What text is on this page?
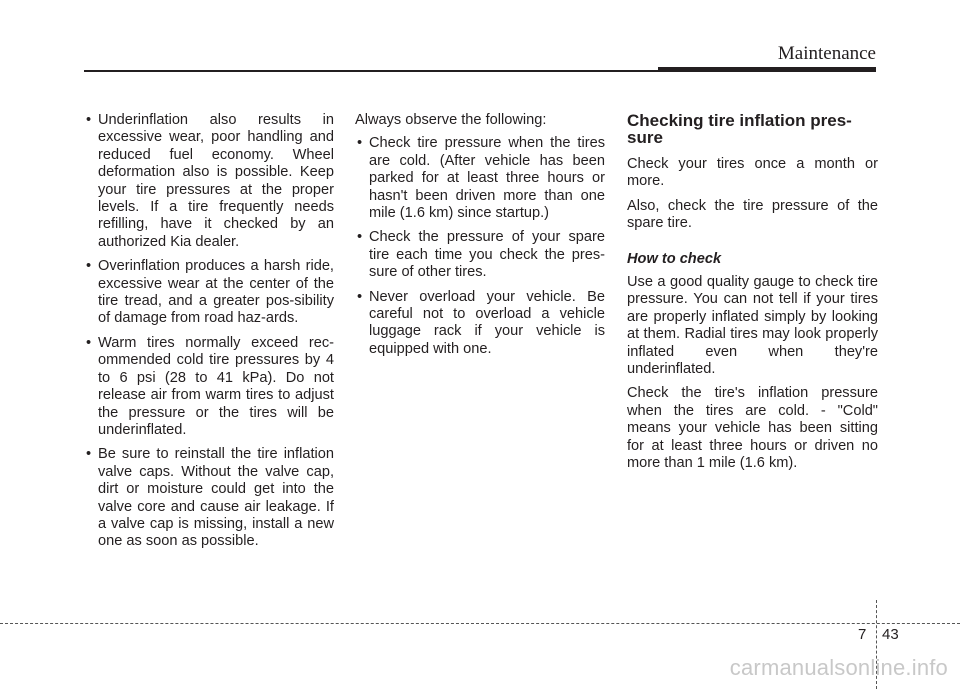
Maintenance
• Underinflation also results in excessive wear, poor handling and reduced fuel economy. Wheel deformation also is possible. Keep your tire pressures at the proper levels. If a tire frequently needs refilling, have it checked by an authorized Kia dealer.
• Overinflation produces a harsh ride, excessive wear at the center of the tire tread, and a greater pos-sibility of damage from road haz-ards.
• Warm tires normally exceed rec-ommended cold tire pressures by 4 to 6 psi (28 to 41 kPa). Do not release air from warm tires to adjust the pressure or the tires will be underinflated.
• Be sure to reinstall the tire inflation valve caps. Without the valve cap, dirt or moisture could get into the valve core and cause air leakage. If a valve cap is missing, install a new one as soon as possible.

Always observe the following:

• Check tire pressure when the tires are cold. (After vehicle has been parked for at least three hours or hasn't been driven more than one mile (1.6 km) since startup.)
• Check the pressure of your spare tire each time you check the pres-sure of other tires.
• Never overload your vehicle. Be careful not to overload a vehicle luggage rack if your vehicle is equipped with one.
Checking tire inflation pres-sure

Check your tires once a month or more.

Also, check the tire pressure of the spare tire.

How to check

Use a good quality gauge to check tire pressure. You can not tell if your tires are properly inflated simply by looking at them. Radial tires may look properly inflated even when they're underinflated.

Check the tire's inflation pressure when the tires are cold. - "Cold" means your vehicle has been sitting for at least three hours or driven no more than 1 mile (1.6 km).

7 43
carmanualsonline.info
